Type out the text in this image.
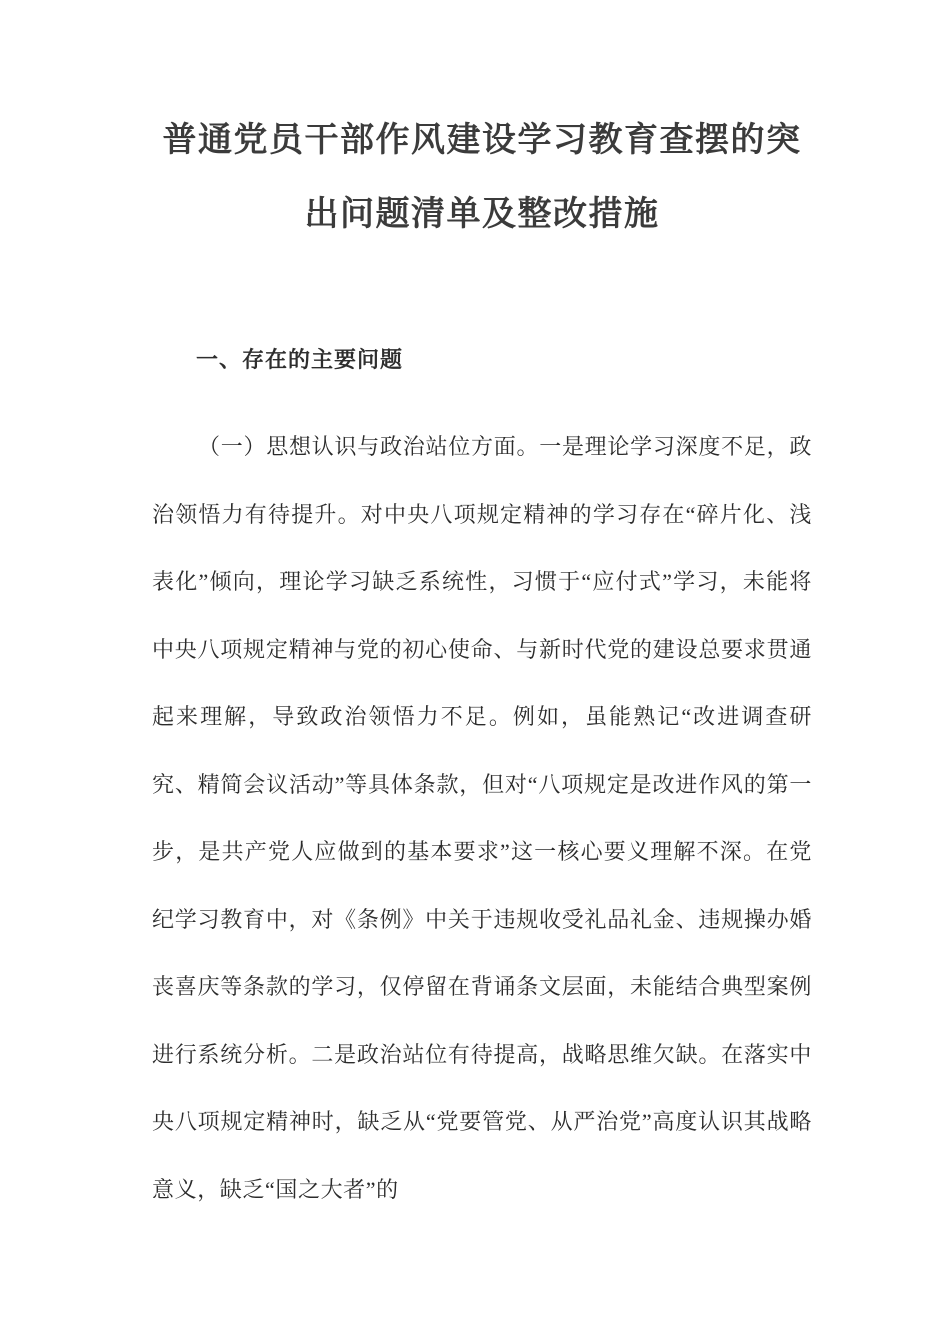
普通党员干部作风建设学习教育查摆的突
出问题清单及整改措施
一、存在的主要问题

（一）思想认识与政治站位方面。一是理论学习深度不足，政治领悟力有待提升。对中央八项规定精神的学习存在“碎片化、浅表化”倾向，理论学习缺乏系统性，习惯于“应付式”学习，未能将中央八项规定精神与党的初心使命、与新时代党的建设总要求贯通起来理解，导致政治领悟力不足。例如，虽能熟记“改进调查研究、精简会议活动”等具体条款，但对“八项规定是改进作风的第一步，是共产党人应做到的基本要求”这一核心要义理解不深。在党纪学习教育中，对《条例》中关于违规收受礼品礼金、违规操办婚丧喜庆等条款的学习，仅停留在背诵条文层面，未能结合典型案例进行系统分析。二是政治站位有待提高，战略思维欠缺。在落实中央八项规定精神时，缺乏从“党要管党、从严治党”高度认识其战略意义，缺乏“国之大者”的
